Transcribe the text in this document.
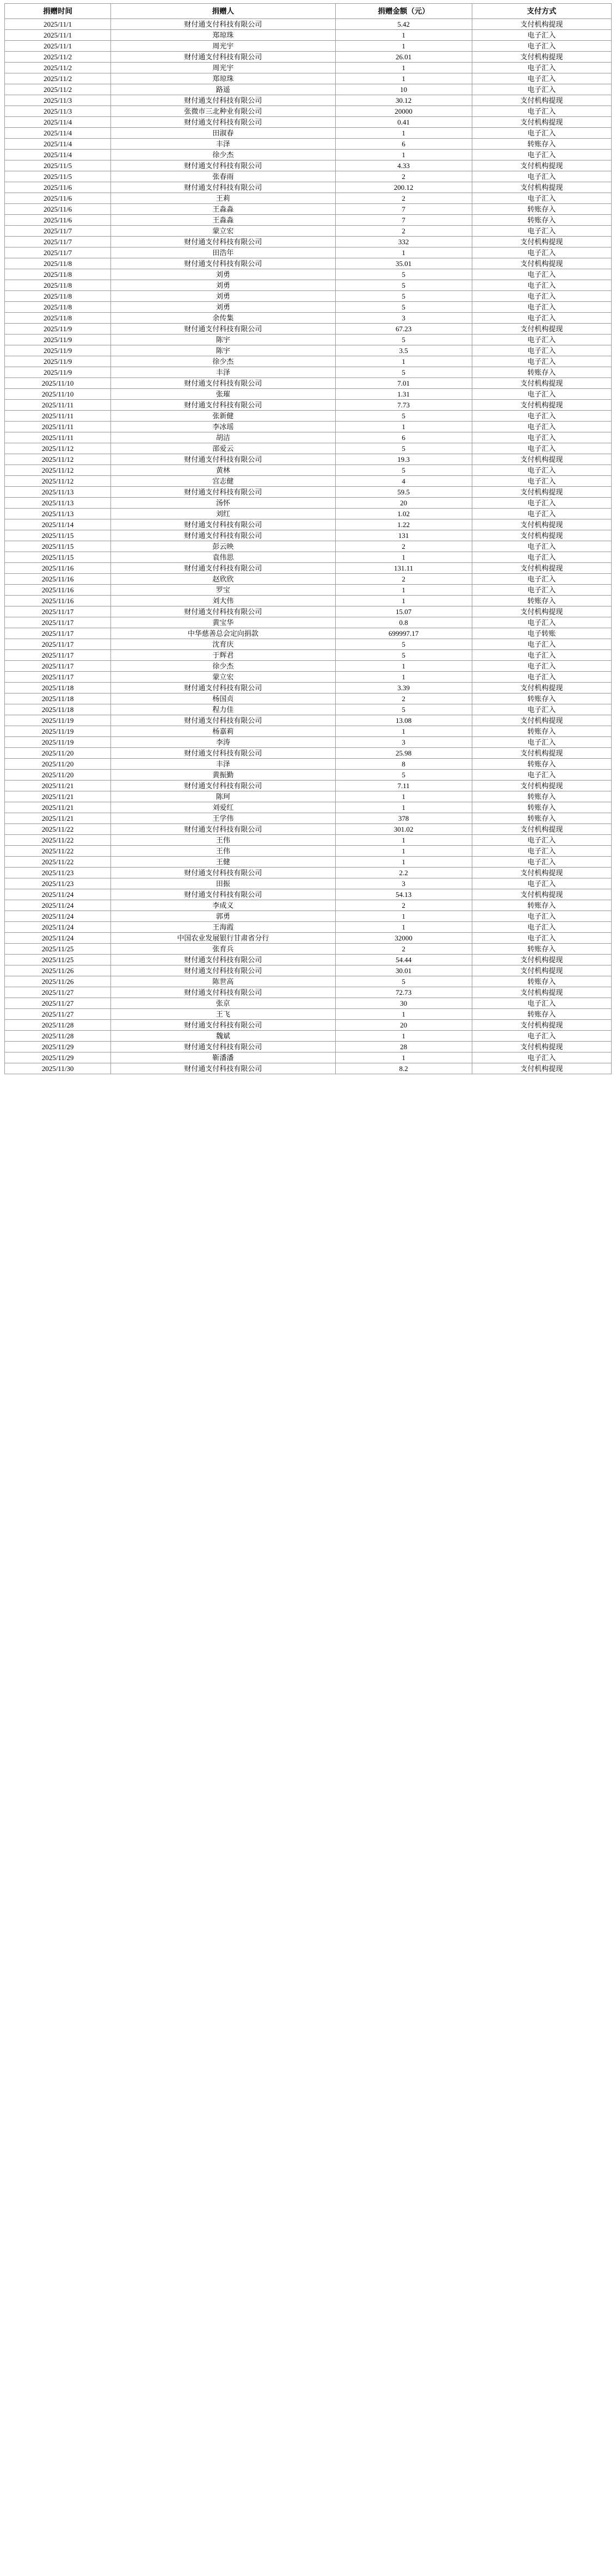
捐赠时间	捐赠人	捐赠金额（元）	支付方式
2025/11/1	财付通支付科技有限公司	5.42	支付机构提现
2025/11/1	郑琼珠	1	电子汇入
2025/11/1	周光宇	1	电子汇入
2025/11/2	财付通支付科技有限公司	26.01	支付机构提现
2025/11/2	周光宇	1	电子汇入
2025/11/2	郑琼珠	1	电子汇入
2025/11/2	路遥	10	电子汇入
2025/11/3	财付通支付科技有限公司	30.12	支付机构提现
2025/11/3	张微市三北种业有限公司	20000	电子汇入
2025/11/4	财付通支付科技有限公司	0.41	支付机构提现
2025/11/4	田淑春	1	电子汇入
2025/11/4	丰泽	6	转账存入
2025/11/4	徐少杰	1	电子汇入
2025/11/5	财付通支付科技有限公司	4.33	支付机构提现
2025/11/5	张春雨	2	电子汇入
2025/11/6	财付通支付科技有限公司	200.12	支付机构提现
2025/11/6	王莉	2	电子汇入
2025/11/6	王淼淼	7	转账存入
2025/11/6	王淼淼	7	转账存入
2025/11/7	蒙立宏	2	电子汇入
2025/11/7	财付通支付科技有限公司	332	支付机构提现
2025/11/7	田浩年	1	电子汇入
2025/11/8	财付通支付科技有限公司	35.01	支付机构提现
2025/11/8	刘勇	5	电子汇入
2025/11/8	刘勇	5	电子汇入
2025/11/8	刘勇	5	电子汇入
2025/11/8	刘勇	5	电子汇入
2025/11/8	余传集	3	电子汇入
2025/11/9	财付通支付科技有限公司	67.23	支付机构提现
2025/11/9	陈宇	5	电子汇入
2025/11/9	陈宇	3.5	电子汇入
2025/11/9	徐少杰	1	电子汇入
2025/11/9	丰泽	5	转账存入
2025/11/10	财付通支付科技有限公司	7.01	支付机构提现
2025/11/10	张璀	1.31	电子汇入
2025/11/11	财付通支付科技有限公司	7.73	支付机构提现
2025/11/11	张新健	5	电子汇入
2025/11/11	李冰瑶	1	电子汇入
2025/11/11	胡洁	6	电子汇入
2025/11/12	邵爱云	5	电子汇入
2025/11/12	财付通支付科技有限公司	19.3	支付机构提现
2025/11/12	黄林	5	电子汇入
2025/11/12	宫志健	4	电子汇入
2025/11/13	财付通支付科技有限公司	59.5	支付机构提现
2025/11/13	汤怀	20	电子汇入
2025/11/13	刘红	1.02	电子汇入
2025/11/14	财付通支付科技有限公司	1.22	支付机构提现
2025/11/15	财付通支付科技有限公司	131	支付机构提现
2025/11/15	彭云映	2	电子汇入
2025/11/15	袁伟思	1	电子汇入
2025/11/16	财付通支付科技有限公司	131.11	支付机构提现
2025/11/16	赵欣欣	2	电子汇入
2025/11/16	罗宝	1	电子汇入
2025/11/16	刘大伟	1	转账存入
2025/11/17	财付通支付科技有限公司	15.07	支付机构提现
2025/11/17	黄宝华	0.8	电子汇入
2025/11/17	中华慈善总会定向捐款	699997.17	电子转账
2025/11/17	沈育庆	5	电子汇入
2025/11/17	于辉君	5	电子汇入
2025/11/17	徐少杰	1	电子汇入
2025/11/17	蒙立宏	1	电子汇入
2025/11/18	财付通支付科技有限公司	3.39	支付机构提现
2025/11/18	杨国贞	2	转账存入
2025/11/18	程力佳	5	电子汇入
2025/11/19	财付通支付科技有限公司	13.08	支付机构提现
2025/11/19	杨嘉莉	1	转账存入
2025/11/19	李涛	3	电子汇入
2025/11/20	财付通支付科技有限公司	25.98	支付机构提现
2025/11/20	丰泽	8	转账存入
2025/11/20	黄振勤	5	电子汇入
2025/11/21	财付通支付科技有限公司	7.11	支付机构提现
2025/11/21	陈珂	1	转账存入
2025/11/21	刘爱红	1	转账存入
2025/11/21	王学伟	378	转账存入
2025/11/22	财付通支付科技有限公司	301.02	支付机构提现
2025/11/22	王伟	1	电子汇入
2025/11/22	王伟	1	电子汇入
2025/11/22	王健	1	电子汇入
2025/11/23	财付通支付科技有限公司	2.2	支付机构提现
2025/11/23	田振	3	电子汇入
2025/11/24	财付通支付科技有限公司	54.13	支付机构提现
2025/11/24	李成义	2	转账存入
2025/11/24	郭勇	1	电子汇入
2025/11/24	王海霞	1	电子汇入
2025/11/24	中国农业发展银行甘肃省分行	32000	电子汇入
2025/11/25	张育兵	2	转账存入
2025/11/25	财付通支付科技有限公司	54.44	支付机构提现
2025/11/26	财付通支付科技有限公司	30.01	支付机构提现
2025/11/26	陈世高	5	转账存入
2025/11/27	财付通支付科技有限公司	72.73	支付机构提现
2025/11/27	张京	30	电子汇入
2025/11/27	王飞	1	转账存入
2025/11/28	财付通支付科技有限公司	20	支付机构提现
2025/11/28	魏斌	1	电子汇入
2025/11/29	财付通支付科技有限公司	28	支付机构提现
2025/11/29	靳潘潘	1	电子汇入
2025/11/30	财付通支付科技有限公司	8.2	支付机构提现
